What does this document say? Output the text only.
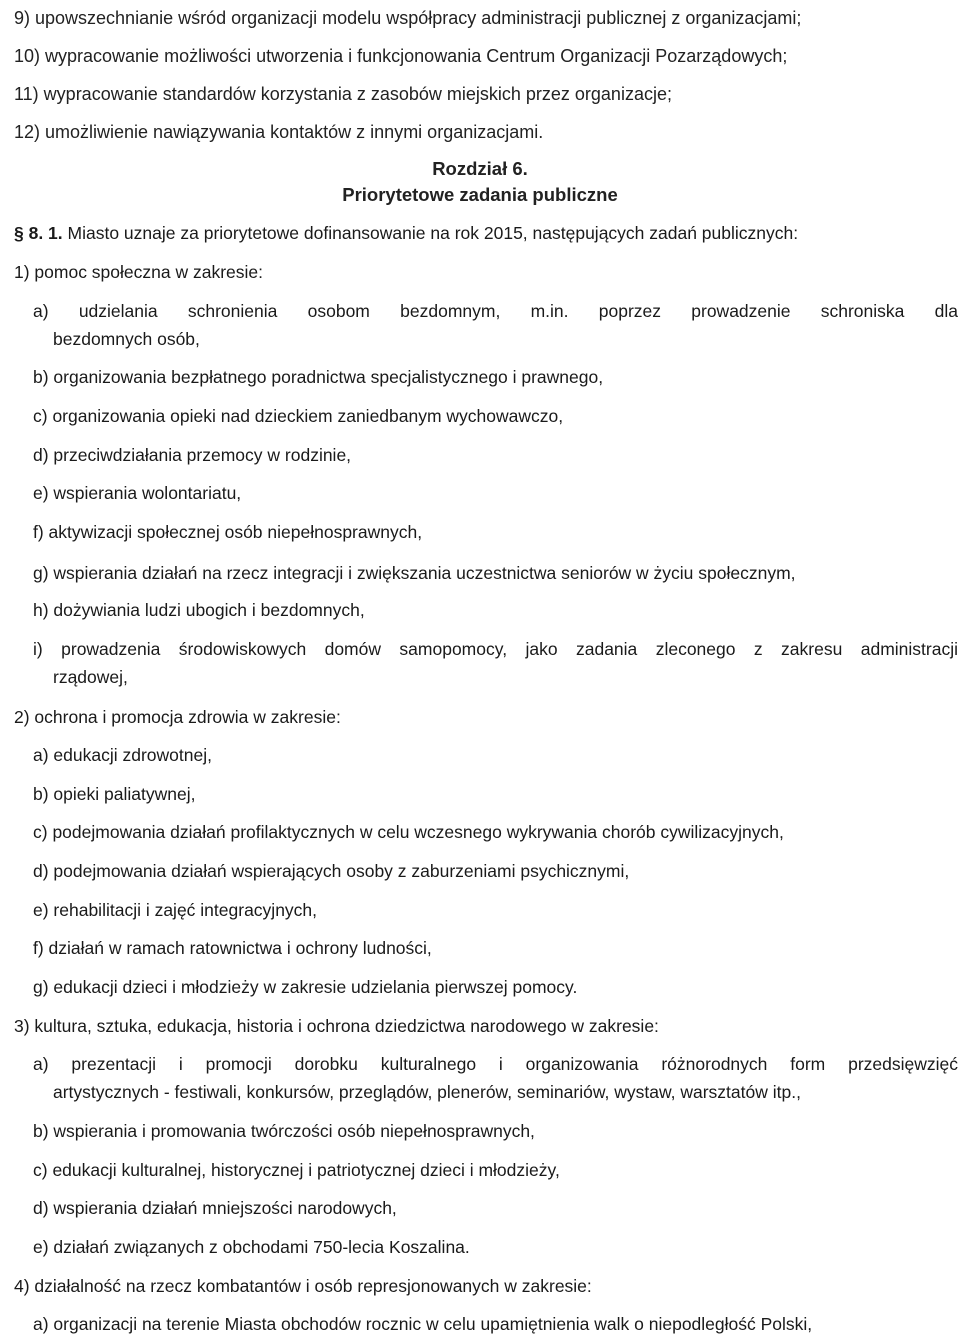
9) upowszechnianie wśród organizacji modelu współpracy administracji publicznej z organizacjami;
10) wypracowanie możliwości utworzenia i funkcjonowania Centrum Organizacji Pozarządowych;
11) wypracowanie standardów korzystania z zasobów miejskich przez organizacje;
12) umożliwienie nawiązywania kontaktów z innymi organizacjami.
Rozdział 6.
Priorytetowe zadania publiczne
§ 8. 1. Miasto uznaje za priorytetowe dofinansowanie na rok 2015, następujących zadań publicznych:
1) pomoc społeczna w zakresie:
a) udzielania schronienia osobom bezdomnym, m.in. poprzez prowadzenie schroniska dla
bezdomnych osób,
b) organizowania bezpłatnego poradnictwa specjalistycznego i prawnego,
c) organizowania opieki nad dzieckiem zaniedbanym wychowawczo,
d) przeciwdziałania przemocy w rodzinie,
e) wspierania wolontariatu,
f) aktywizacji społecznej osób niepełnosprawnych,
g) wspierania działań na rzecz integracji i zwiększania uczestnictwa seniorów w życiu społecznym,
h) dożywiania ludzi ubogich i bezdomnych,
i) prowadzenia środowiskowych domów samopomocy, jako zadania zleconego z zakresu administracji
rządowej,
2) ochrona i promocja zdrowia w zakresie:
a) edukacji zdrowotnej,
b) opieki paliatywnej,
c) podejmowania działań profilaktycznych w celu wczesnego wykrywania chorób cywilizacyjnych,
d) podejmowania działań wspierających osoby z zaburzeniami psychicznymi,
e) rehabilitacji i zajęć integracyjnych,
f) działań w ramach ratownictwa i ochrony ludności,
g) edukacji dzieci i młodzieży w zakresie udzielania pierwszej pomocy.
3) kultura, sztuka, edukacja, historia i ochrona dziedzictwa narodowego w zakresie:
a) prezentacji i promocji dorobku kulturalnego i organizowania różnorodnych form przedsięwzięć
artystycznych - festiwali, konkursów, przeglądów, plenerów, seminariów, wystaw, warsztatów itp.,
b) wspierania i promowania twórczości osób niepełnosprawnych,
c) edukacji kulturalnej, historycznej i patriotycznej dzieci i młodzieży,
d) wspierania działań mniejszości narodowych,
e) działań związanych z obchodami 750-lecia Koszalina.
4) działalność na rzecz kombatantów i osób represjonowanych w zakresie:
a) organizacji na terenie Miasta obchodów rocznic w celu upamiętnienia walk o niepodległość Polski,
